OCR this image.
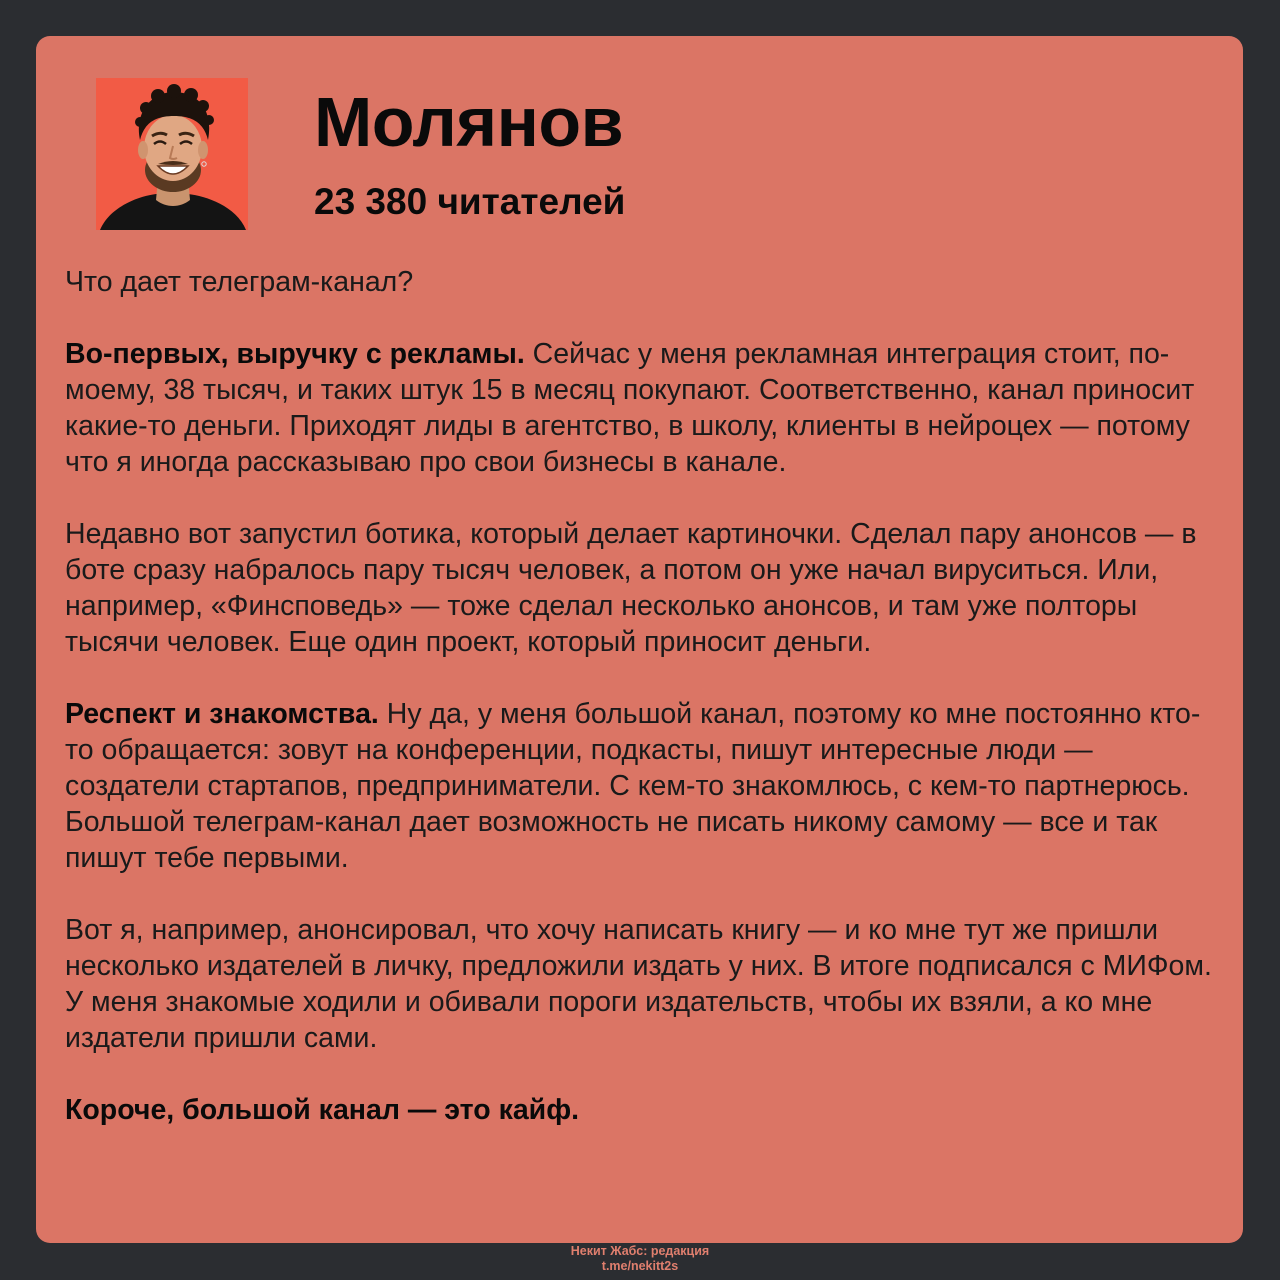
Молянов
23 380 читателей

Что дает телеграм-канал?

Во-первых, выручку с рекламы. Сейчас у меня рекламная интеграция стоит, по-моему, 38 тысяч, и таких штук 15 в месяц покупают. Соответственно, канал приносит какие-то деньги. Приходят лиды в агентство, в школу, клиенты в нейроцех — потому что я иногда рассказываю про свои бизнесы в канале.

Недавно вот запустил ботика, который делает картиночки. Сделал пару анонсов — в боте сразу набралось пару тысяч человек, а потом он уже начал вируситься. Или, например, «Финсповедь» — тоже сделал несколько анонсов, и там уже полторы тысячи человек. Еще один проект, который приносит деньги.

Респект и знакомства. Ну да, у меня большой канал, поэтому ко мне постоянно кто-то обращается: зовут на конференции, подкасты, пишут интересные люди — создатели стартапов, предприниматели. С кем-то знакомлюсь, с кем-то партнерюсь. Большой телеграм-канал дает возможность не писать никому самому — все и так пишут тебе первыми.

Вот я, например, анонсировал, что хочу написать книгу — и ко мне тут же пришли несколько издателей в личку, предложили издать у них. В итоге подписался с МИФом. У меня знакомые ходили и обивали пороги издательств, чтобы их взяли, а ко мне издатели пришли сами.

Короче, большой канал — это кайф.

Некит Жабс: редакция
t.me/nekitt2s
